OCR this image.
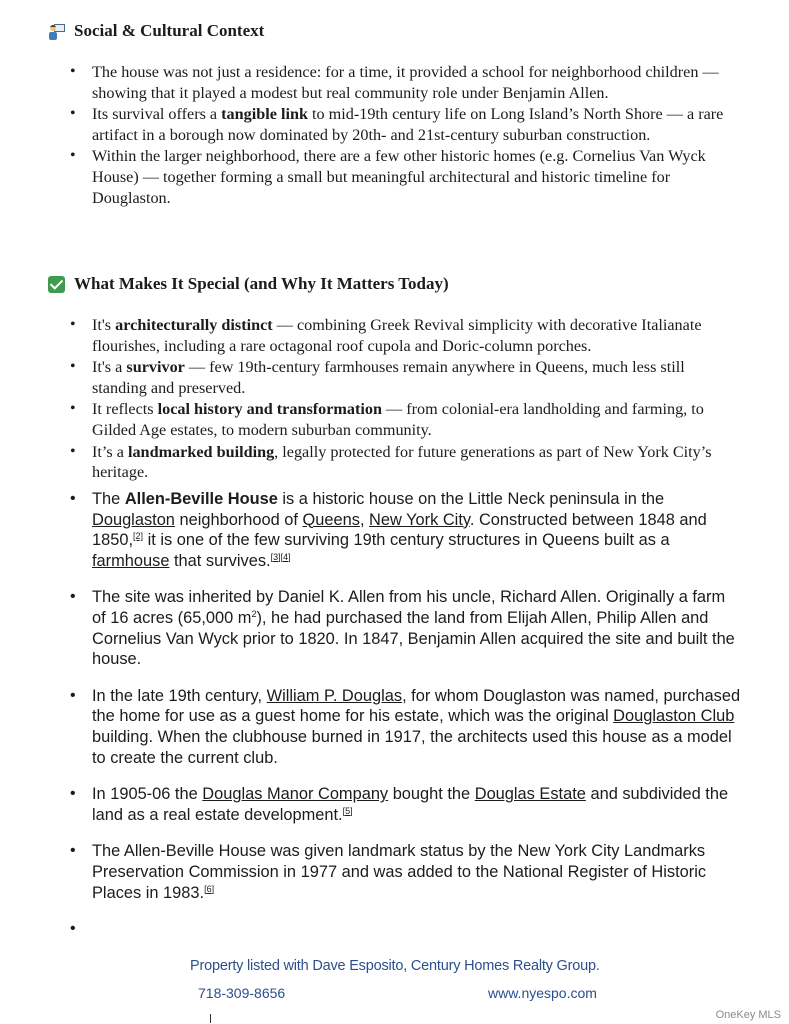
Social & Cultural Context
• The house was not just a residence: for a time, it provided a school for neighborhood children — showing that it played a modest but real community role under Benjamin Allen.
• Its survival offers a tangible link to mid-19th century life on Long Island’s North Shore — a rare artifact in a borough now dominated by 20th- and 21st-century suburban construction.
• Within the larger neighborhood, there are a few other historic homes (e.g. Cornelius Van Wyck House) — together forming a small but meaningful architectural and historic timeline for Douglaston.
What Makes It Special (and Why It Matters Today)
• It's architecturally distinct — combining Greek Revival simplicity with decorative Italianate flourishes, including a rare octagonal roof cupola and Doric-column porches.
• It's a survivor — few 19th-century farmhouses remain anywhere in Queens, much less still standing and preserved.
• It reflects local history and transformation — from colonial-era landholding and farming, to Gilded Age estates, to modern suburban community.
• It’s a landmarked building, legally protected for future generations as part of New York City’s heritage.
• The Allen-Beville House is a historic house on the Little Neck peninsula in the Douglaston neighborhood of Queens, New York City. Constructed between 1848 and 1850,[2] it is one of the few surviving 19th century structures in Queens built as a farmhouse that survives.[3][4]
• The site was inherited by Daniel K. Allen from his uncle, Richard Allen. Originally a farm of 16 acres (65,000 $m^2$), he had purchased the land from Elijah Allen, Philip Allen and Cornelius Van Wyck prior to 1820. In 1847, Benjamin Allen acquired the site and built the house.
• In the late 19th century, William P. Douglas, for whom Douglaston was named, purchased the home for use as a guest home for his estate, which was the original Douglaston Club building. When the clubhouse burned in 1917, the architects used this house as a model to create the current club.
• In 1905-06 the Douglas Manor Company bought the Douglas Estate and subdivided the land as a real estate development.[5]
• The Allen-Beville House was given landmark status by the New York City Landmarks Preservation Commission in 1977 and was added to the National Register of Historic Places in 1983.[6]
•
Property listed with Dave Esposito, Century Homes Realty Group.
718-309-8656	www.nyespo.com
OneKey MLS
